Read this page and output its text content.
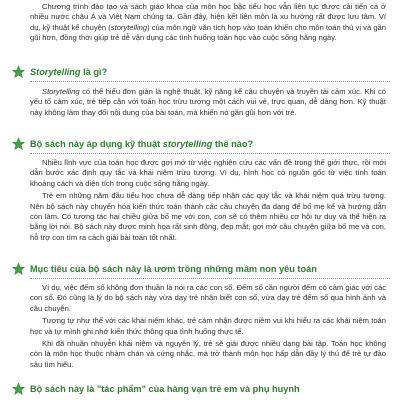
Chương trình đào tạo và sách giáo khoa của môn học bậc tiểu học vẫn liên tục được cải tiến cả ở nhiều nước châu Á và Việt Nam chúng ta. Gần đây, hiện kết liên môn là xu hướng rất được lưu tâm. Ví dụ, kỹ thuật kể chuyện (storytelling) của môn ngữ văn tích hợp vào toán khiến cho môn toán thú vị và gần gũi hơn, đồng thời giúp trẻ dễ vận dụng các tình huống toán học vào cuộc sống hằng ngày.

Storytelling là gì?

Storytelling có thể hiểu đơn giản là nghệ thuật, kỹ năng kể câu chuyện và truyền tải cảm xúc. Khi có yếu tố cảm xúc, trẻ tiếp cận với toán học trừu tượng một cách vui vẻ, trực quan, dễ dàng hơn. Kỹ thuật này không làm thay đổi nội dung của bài toán, mà khiến nó gần gũi hơn với trẻ.

Bộ sách này áp dụng kỹ thuật storytelling thế nào?

Nhiều lĩnh vực của toán học được gợi mở từ việc nghiên cứu các vấn đề trong thế giới thực, rồi mới dẫn bước xác định quy tắc và khái niệm trừu tượng. Ví dụ, hình học có nguồn gốc từ việc tính toán khoảng cách và diện tích trong cuộc sống hằng ngày.

Trẻ em những năm đầu tiểu học chưa dễ dàng tiếp nhận các quy tắc và khái niệm quá trừu tượng. Nên bộ sách này chuyển hóa kiến thức toán thành các câu chuyện đa dạng để bố mẹ kể và hướng dẫn con làm. Có tương tác hai chiều giữa bố mẹ với con, con sẽ có thêm nhiều cơ hội tự duy và thể hiện ra bằng lời nói. Bộ sách này được minh họa rất sinh động, đẹp mắt, gợi mở câu chuyện giữa bố mẹ và con, hỗ trợ con tìm ra cách giải bài toán tốt nhất.

Mục tiêu của bộ sách này là ươm trồng những mầm non yêu toán

Ví dụ, việc đếm số không đơn thuần là nói ra các con số. Đếm số cần người đếm có cảm giác với các con số. Đó cũng là lý do bộ sách này vừa dạy trẻ nhận biết con số, vừa dạy trẻ đếm số qua hình ảnh và câu chuyện.

Tương tự như thế với các khái niệm khác, trẻ cảm nhận được niềm vui khi hiểu ra các khái niệm toán học và tự mình ghi nhớ kiến thức thông qua tình huống thực tế.

Khi đã nhuần nhuyễn khái niệm và nguyên lý, trẻ sẽ giải được nhiều dạng bài tập. Toán học không còn là môn học thuộc nhàm chán và cứng nhắc, mà trở thành môn học hấp dẫn đầy lý thú để trẻ tự đào sâu tìm hiểu.

Bộ sách này là "tác phẩm" của hàng vạn trẻ em và phụ huynh
